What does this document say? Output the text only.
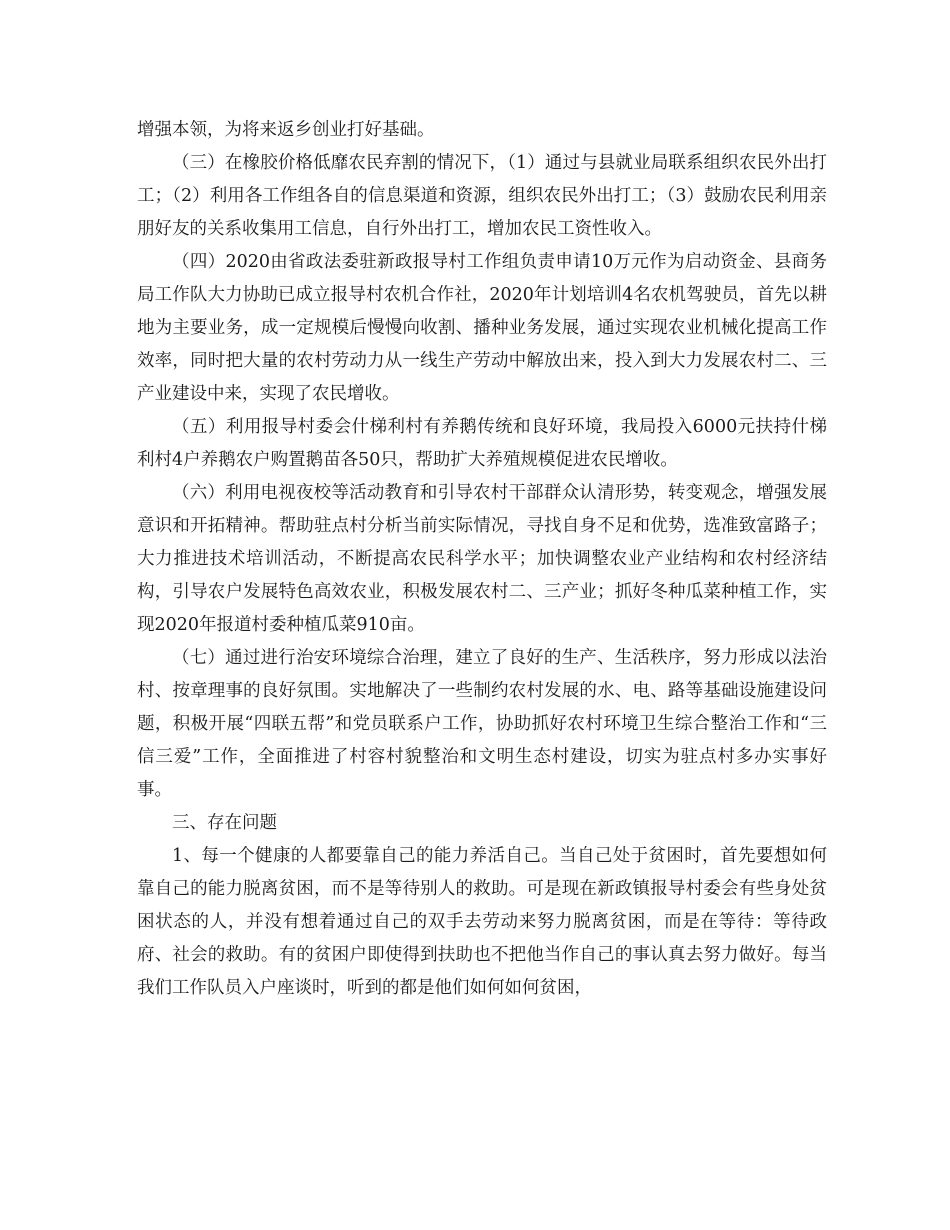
增强本领，为将来返乡创业打好基础。

（三）在橡胶价格低靡农民弃割的情况下，（1）通过与县就业局联系组织农民外出打工；（2）利用各工作组各自的信息渠道和资源，组织农民外出打工；（3）鼓励农民利用亲朋好友的关系收集用工信息，自行外出打工，增加农民工资性收入。

（四）2020由省政法委驻新政报导村工作组负责申请10万元作为启动资金、县商务局工作队大力协助已成立报导村农机合作社，2020年计划培训4名农机驾驶员，首先以耕地为主要业务，成一定规模后慢慢向收割、播种业务发展，通过实现农业机械化提高工作效率，同时把大量的农村劳动力从一线生产劳动中解放出来，投入到大力发展农村二、三产业建设中来，实现了农民增收。

（五）利用报导村委会什梯利村有养鹅传统和良好环境，我局投入6000元扶持什梯利村4户养鹅农户购置鹅苗各50只，帮助扩大养殖规模促进农民增收。

（六）利用电视夜校等活动教育和引导农村干部群众认清形势，转变观念，增强发展意识和开拓精神。帮助驻点村分析当前实际情况，寻找自身不足和优势，选准致富路子；大力推进技术培训活动，不断提高农民科学水平；加快调整农业产业结构和农村经济结构，引导农户发展特色高效农业，积极发展农村二、三产业；抓好冬种瓜菜种植工作，实现2020年报道村委种植瓜菜910亩。

（七）通过进行治安环境综合治理，建立了良好的生产、生活秩序，努力形成以法治村、按章理事的良好氛围。实地解决了一些制约农村发展的水、电、路等基础设施建设问题，积极开展“四联五帮”和党员联系户工作，协助抓好农村环境卫生综合整治工作和“三信三爱”工作，全面推进了村容村貌整治和文明生态村建设，切实为驻点村多办实事好事。

三、存在问题

1、每一个健康的人都要靠自己的能力养活自己。当自己处于贫困时，首先要想如何靠自己的能力脱离贫困，而不是等待别人的救助。可是现在新政镇报导村委会有些身处贫困状态的人，并没有想着通过自己的双手去劳动来努力脱离贫困，而是在等待：等待政府、社会的救助。有的贫困户即使得到扶助也不把他当作自己的事认真去努力做好。每当我们工作队员入户座谈时，听到的都是他们如何如何贫困，
